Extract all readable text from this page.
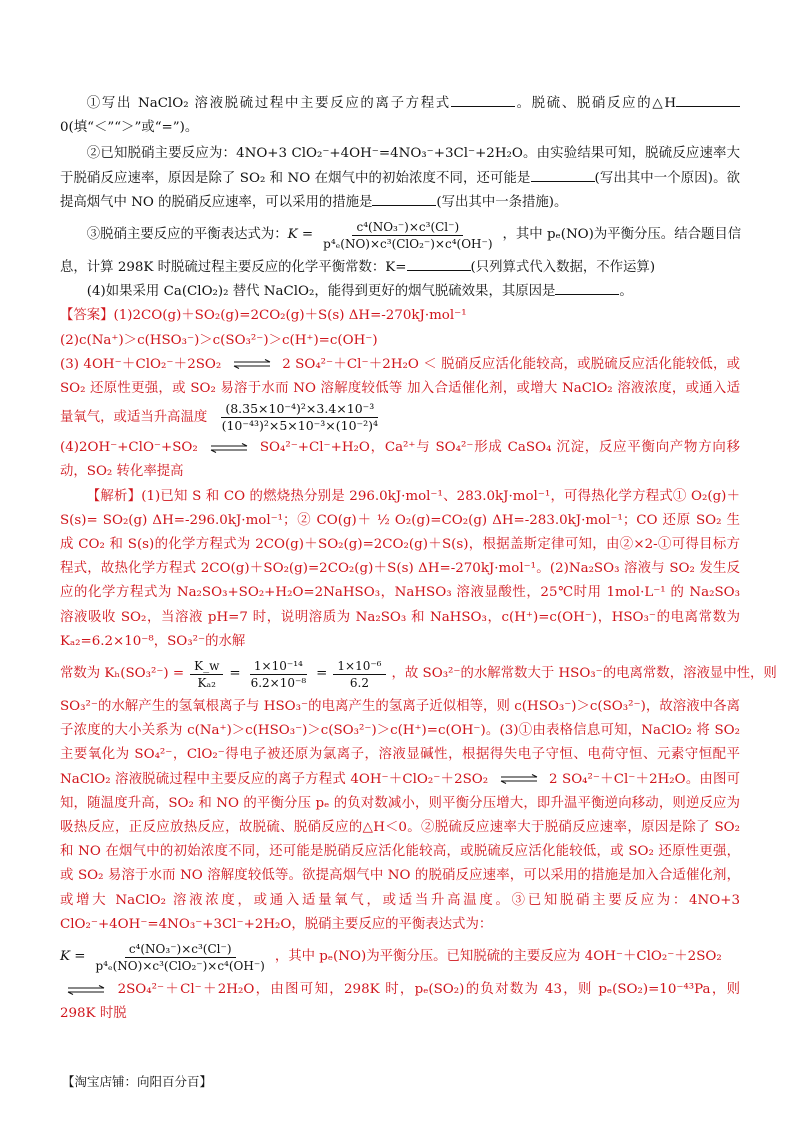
①写出 NaClO₂ 溶液脱硫过程中主要反应的离子方程式	。脱硫、脱硝反应的△H0(填“＜”“＞”或“=”)。

②已知脱硝主要反应为：4NO+3 ClO₂⁻+4OH⁻=4NO₃⁻+3Cl⁻+2H₂O。由实验结果可知，脱硫反应速率大于脱硝反应速率，原因是除了 SO₂ 和 NO 在烟气中的初始浓度不同，还可能是	(写出其中一个原因)。欲提高烟气中 NO 的脱硝反应速率，可以采用的措施是	(写出其中一条措施)。

③脱硝主要反应的平衡表达式为： $K = \frac{\text{c⁴(NO₃⁻)×c³(Cl⁻)}}{\text{p⁴ₑ(NO)×c³(ClO₂⁻)×c⁴(OH⁻)}}$ ，其中 pₑ(NO)为平衡分压。结合题目信

息，计算 298K 时脱硫过程主要反应的化学平衡常数：K=	(只列算式代入数据，不作运算)

(4)如果采用 Ca(ClO₂)₂ 替代 NaClO₂，能得到更好的烟气脱硫效果，其原因是	。

【答案】(1)2CO(g)＋SO₂(g)=2CO₂(g)＋S(s) ΔH=-270kJ·mol⁻¹

(2)c(Na⁺)＞c(HSO₃⁻)＞c(SO₃²⁻)＞c(H⁺)=c(OH⁻)

(3) 4OH⁻＋ClO₂⁻＋2SO₂ ⇌ 2 SO₄²⁻＋Cl⁻＋2H₂O ＜ 脱硝反应活化能较高，或脱硫反应活化能较低，或 SO₂ 还原性更强，或 SO₂ 易溶于水而 NO 溶解度较低等 加入合适催化剂，或增大 NaClO₂ 溶液浓度，或通入适量氧气，或适当升高温度 $\frac{\text{(8.35×10⁻⁴)²×3.4×10⁻³}}{\text{(10⁻⁴³)²×5×10⁻³×(10⁻²)⁴}}$

(4)2OH⁻+ClO⁻+SO₂ ⇌ SO₄²⁻+Cl⁻+H₂O，Ca²⁺与 SO₄²⁻形成 CaSO₄ 沉淀，反应平衡向产物方向移动，SO₂ 转化率提高

【解析】(1)已知 S 和 CO 的燃烧热分别是 296.0kJ·mol⁻¹、283.0kJ·mol⁻¹，可得热化学方程式① O₂(g)＋S(s)= SO₂(g) ΔH=-296.0kJ·mol⁻¹；② CO(g)＋ ½ O₂(g)=CO₂(g) ΔH=-283.0kJ·mol⁻¹；CO 还原 SO₂ 生成 CO₂ 和 S(s)的化学方程式为 2CO(g)＋SO₂(g)=2CO₂(g)＋S(s)，根据盖斯定律可知，由②×2-①可得目标方程式，故热化学方程式 2CO(g)＋SO₂(g)=2CO₂(g)＋S(s) ΔH=-270kJ·mol⁻¹。(2)Na₂SO₃ 溶液与 SO₂ 发生反应的化学方程式为 Na₂SO₃+SO₂+H₂O=2NaHSO₃，NaHSO₃ 溶液显酸性，25℃时用 1mol·L⁻¹ 的 Na₂SO₃ 溶液吸收 SO₂，当溶液 pH=7 时，说明溶质为 Na₂SO₃ 和 NaHSO₃，c(H⁺)=c(OH⁻)，HSO₃⁻的电离常数为 Kₐ₂=6.2×10⁻⁸，SO₃²⁻的水解

常数为 $K_h(SO_3^{2-}) = \frac{K\_w}{\text{Kₐ₂}} = \frac{\text{1×10⁻¹⁴}}{\text{6.2×10⁻⁸}} = \frac{\text{1×10⁻⁶}}{6.2}$ ，故 SO₃²⁻的水解常数大于 HSO₃⁻的电离常数，溶液显中性，则

SO₃²⁻的水解产生的氢氧根离子与 HSO₃⁻的电离产生的氢离子近似相等，则 c(HSO₃⁻)＞c(SO₃²⁻)，故溶液中各离子浓度的大小关系为 c(Na⁺)＞c(HSO₃⁻)＞c(SO₃²⁻)＞c(H⁺)=c(OH⁻)。(3)①由表格信息可知，NaClO₂ 将 SO₂ 主要氧化为 SO₄²⁻，ClO₂⁻得电子被还原为氯离子，溶液显碱性，根据得失电子守恒、电荷守恒、元素守恒配平 NaClO₂ 溶液脱硫过程中主要反应的离子方程式 4OH⁻＋ClO₂⁻＋2SO₂ ⇌ 2 SO₄²⁻＋Cl⁻＋2H₂O。由图可知，随温度升高，SO₂ 和 NO 的平衡分压 pₑ 的负对数减小，则平衡分压增大，即升温平衡逆向移动，则逆反应为吸热反应，正反应放热反应，故脱硫、脱硝反应的△H＜0。②脱硫反应速率大于脱硝反应速率，原因是除了 SO₂ 和 NO 在烟气中的初始浓度不同，还可能是脱硝反应活化能较高，或脱硫反应活化能较低，或 SO₂ 还原性更强，或 SO₂ 易溶于水而 NO 溶解度较低等。欲提高烟气中 NO 的脱硝反应速率，可以采用的措施是加入合适催化剂，或增大 NaClO₂ 溶液浓度，或通入适量氧气，或适当升高温度。③已知脱硝主要反应为：4NO+3 ClO₂⁻+4OH⁻=4NO₃⁻+3Cl⁻+2H₂O，脱硝主要反应的平衡表达式为：

$K = \frac{\text{c⁴(NO₃⁻)×c³(Cl⁻)}}{\text{p⁴ₑ(NO)×c³(ClO₂⁻)×c⁴(OH⁻)}}$ ，其中 pₑ(NO)为平衡分压。已知脱硫的主要反应为 4OH⁻＋ClO₂⁻＋2SO₂

⇌ 2SO₄²⁻＋Cl⁻＋2H₂O，由图可知，298K 时，pₑ(SO₂)的负对数为 43，则 pₑ(SO₂)=10⁻⁴³Pa，则 298K 时脱

【淘宝店铺：向阳百分百】
